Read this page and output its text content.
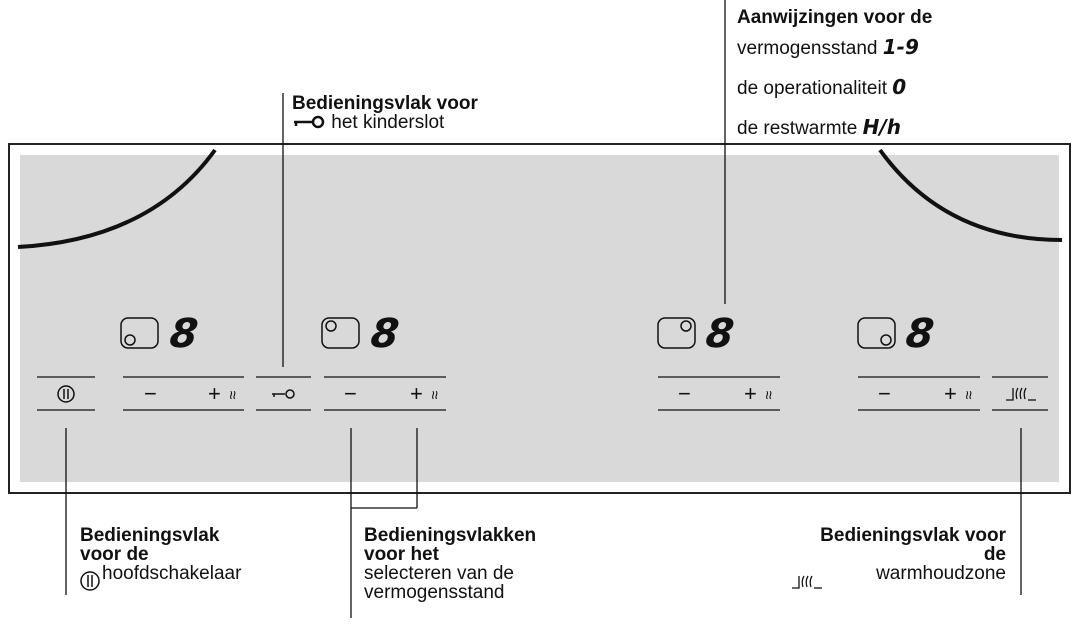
Aanwijzingen voor de
vermogensstand 1-9
de operationaliteit 0
de restwarmte H/h
Bedieningsvlak voor
het kinderslot
8	8	8	8
− + ≈	− + ≈	− + ≈	− + ≈
Bedieningsvlak
voor de
hoofdschakelaar
Bedieningsvlakken
voor het
selecteren van de
vermogensstand
Bedieningsvlak voor
de
warmhoudzone
